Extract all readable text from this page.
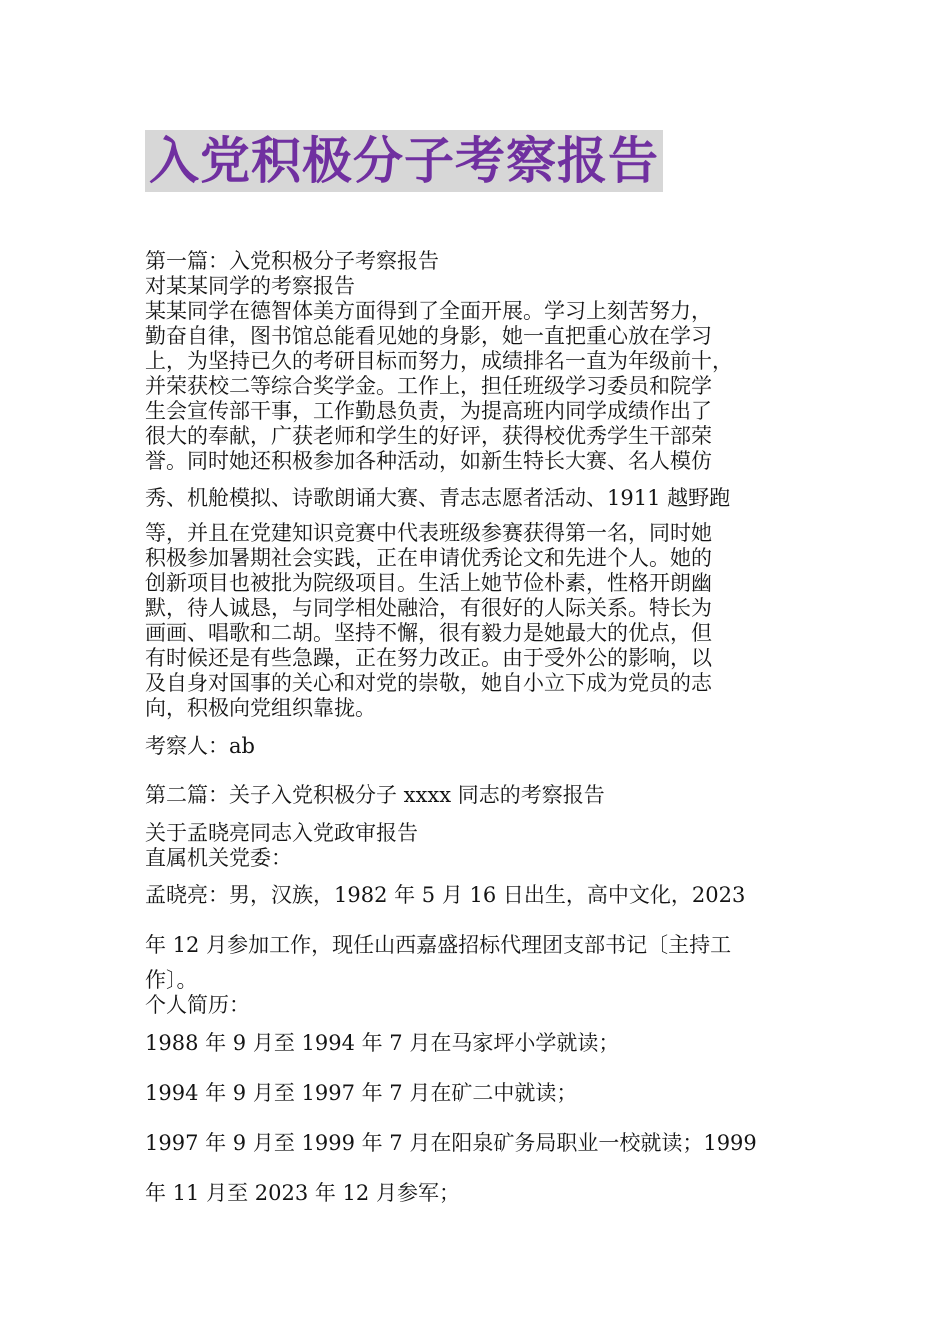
入党积极分子考察报告
第一篇：入党积极分子考察报告
对某某同学的考察报告
某某同学在德智体美方面得到了全面开展。学习上刻苦努力，
勤奋自律，图书馆总能看见她的身影，她一直把重心放在学习
上，为坚持已久的考研目标而努力，成绩排名一直为年级前十，
并荣获校二等综合奖学金。工作上，担任班级学习委员和院学
生会宣传部干事，工作勤恳负责，为提高班内同学成绩作出了
很大的奉献，广获老师和学生的好评，获得校优秀学生干部荣
誉。同时她还积极参加各种活动，如新生特长大赛、名人模仿
秀、机舱模拟、诗歌朗诵大赛、青志志愿者活动、1911 越野跑
等，并且在党建知识竞赛中代表班级参赛获得第一名，同时她
积极参加暑期社会实践，正在申请优秀论文和先进个人。她的
创新项目也被批为院级项目。生活上她节俭朴素，性格开朗幽
默，待人诚恳，与同学相处融洽，有很好的人际关系。特长为
画画、唱歌和二胡。坚持不懈，很有毅力是她最大的优点，但
有时候还是有些急躁，正在努力改正。由于受外公的影响，以
及自身对国事的关心和对党的崇敬，她自小立下成为党员的志
向，积极向党组织靠拢。
考察人：ab
第二篇：关子入党积极分子 xxxx 同志的考察报告
关于孟晓亮同志入党政审报告
直属机关党委：
孟晓亮：男，汉族，1982 年 5 月 16 日出生，高中文化，2023
年 12 月参加工作，现任山西嘉盛招标代理团支部书记〔主持工
作〕。
个人简历：
1988 年 9 月至 1994 年 7 月在马家坪小学就读；
1994 年 9 月至 1997 年 7 月在矿二中就读；
1997 年 9 月至 1999 年 7 月在阳泉矿务局职业一校就读；1999
年 11 月至 2023 年 12 月参军；
